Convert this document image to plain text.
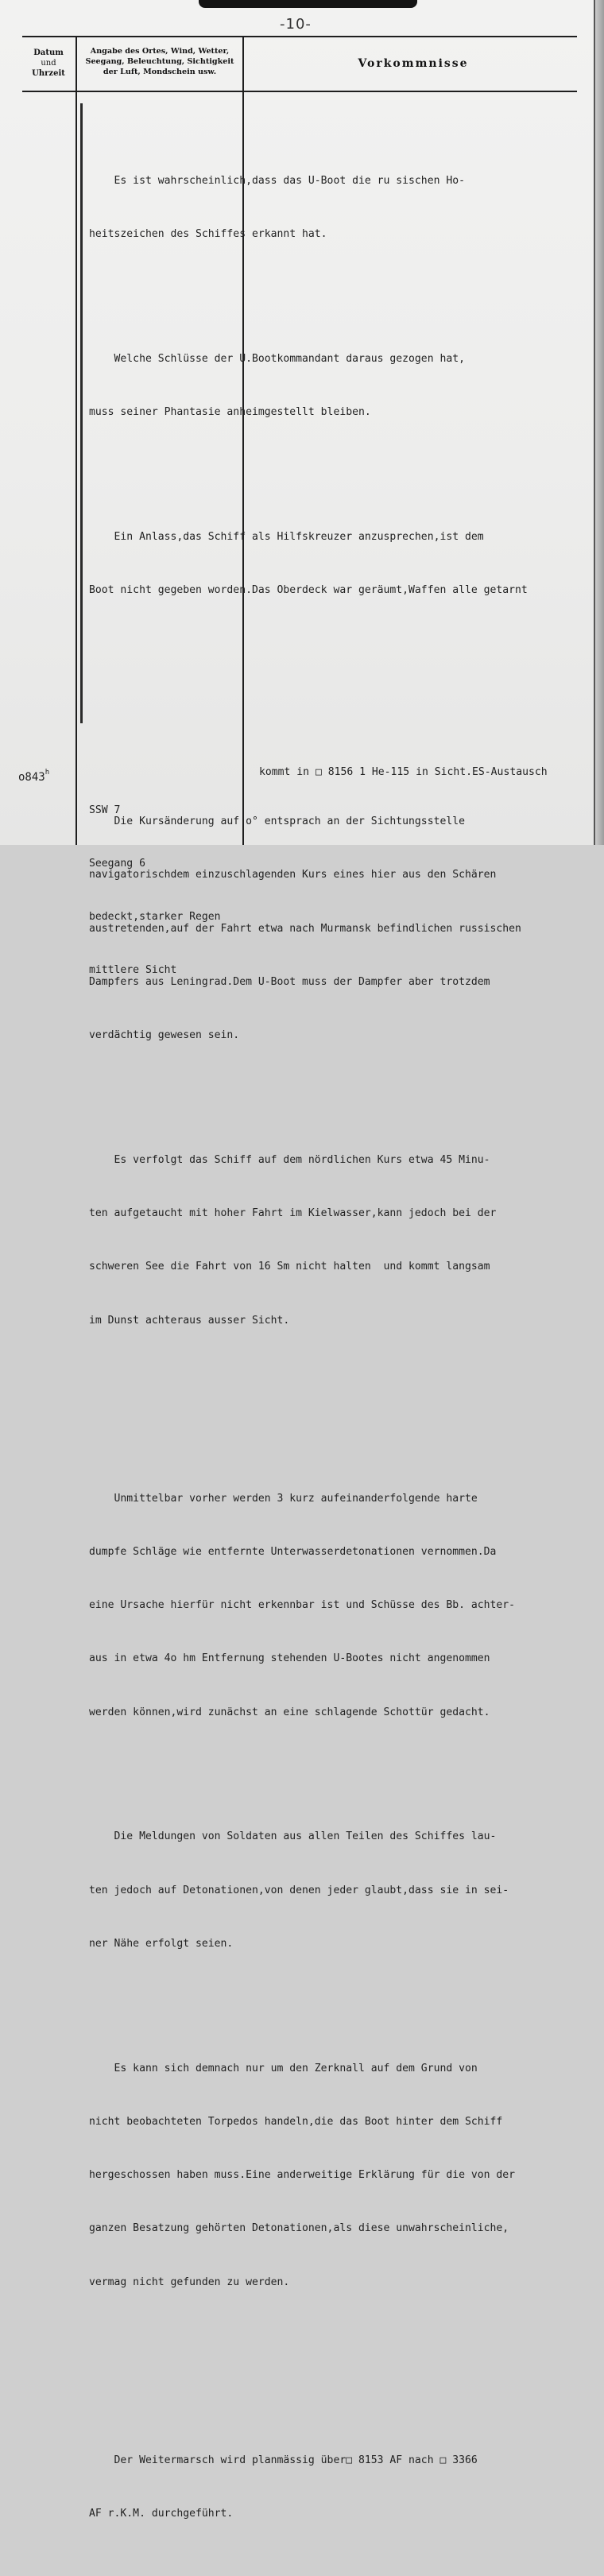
-10-
Datum
und
Uhrzeit
Angabe des Ortes, Wind, Wetter,
Seegang, Beleuchtung, Sichtigkeit
der Luft, Mondschein usw.
Vorkommnisse

Es ist wahrscheinlich,dass das U-Boot die ru sischen Ho-

heitszeichen des Schiffes erkannt hat.

Welche Schlüsse der U.Bootkommandant daraus gezogen hat,

muss seiner Phantasie anheimgestellt bleiben.

Ein Anlass,das Schiff als Hilfskreuzer anzusprechen,ist dem

Boot nicht gegeben worden.Das Oberdeck war geräumt,Waffen alle getarnt

Die Kursänderung auf o° entsprach an der Sichtungsstelle

navigatorischdem einzuschlagenden Kurs eines hier aus den Schären

austretenden,auf der Fahrt etwa nach Murmansk befindlichen russischen

Dampfers aus Leningrad.Dem U-Boot muss der Dampfer aber trotzdem

verdächtig gewesen sein.

Es verfolgt das Schiff auf dem nördlichen Kurs etwa 45 Minu-

ten aufgetaucht mit hoher Fahrt im Kielwasser,kann jedoch bei der

schweren See die Fahrt von 16 Sm nicht halten  und kommt langsam

im Dunst achteraus ausser Sicht.

Unmittelbar vorher werden 3 kurz aufeinanderfolgende harte

dumpfe Schläge wie entfernte Unterwasserdetonationen vernommen.Da

eine Ursache hierfür nicht erkennbar ist und Schüsse des Bb. achter-

aus in etwa 4o hm Entfernung stehenden U-Bootes nicht angenommen

werden können,wird zunächst an eine schlagende Schottür gedacht.

Die Meldungen von Soldaten aus allen Teilen des Schiffes lau-

ten jedoch auf Detonationen,von denen jeder glaubt,dass sie in sei-

ner Nähe erfolgt seien.

Es kann sich demnach nur um den Zerknall auf dem Grund von

nicht beobachteten Torpedos handeln,die das Boot hinter dem Schiff

hergeschossen haben muss.Eine anderweitige Erklärung für die von der

ganzen Besatzung gehörten Detonationen,als diese unwahrscheinliche,

vermag nicht gefunden zu werden.

Der Weitermarsch wird planmässig über□ 8153 AF nach □ 3366

AF r.K.M. durchgeführt.

o843$^h$

SSW 7

Seegang 6

bedeckt,starker Regen

mittlere Sicht

kommt in □ 8156 1 He-115 in Sicht.ES-Austausch
